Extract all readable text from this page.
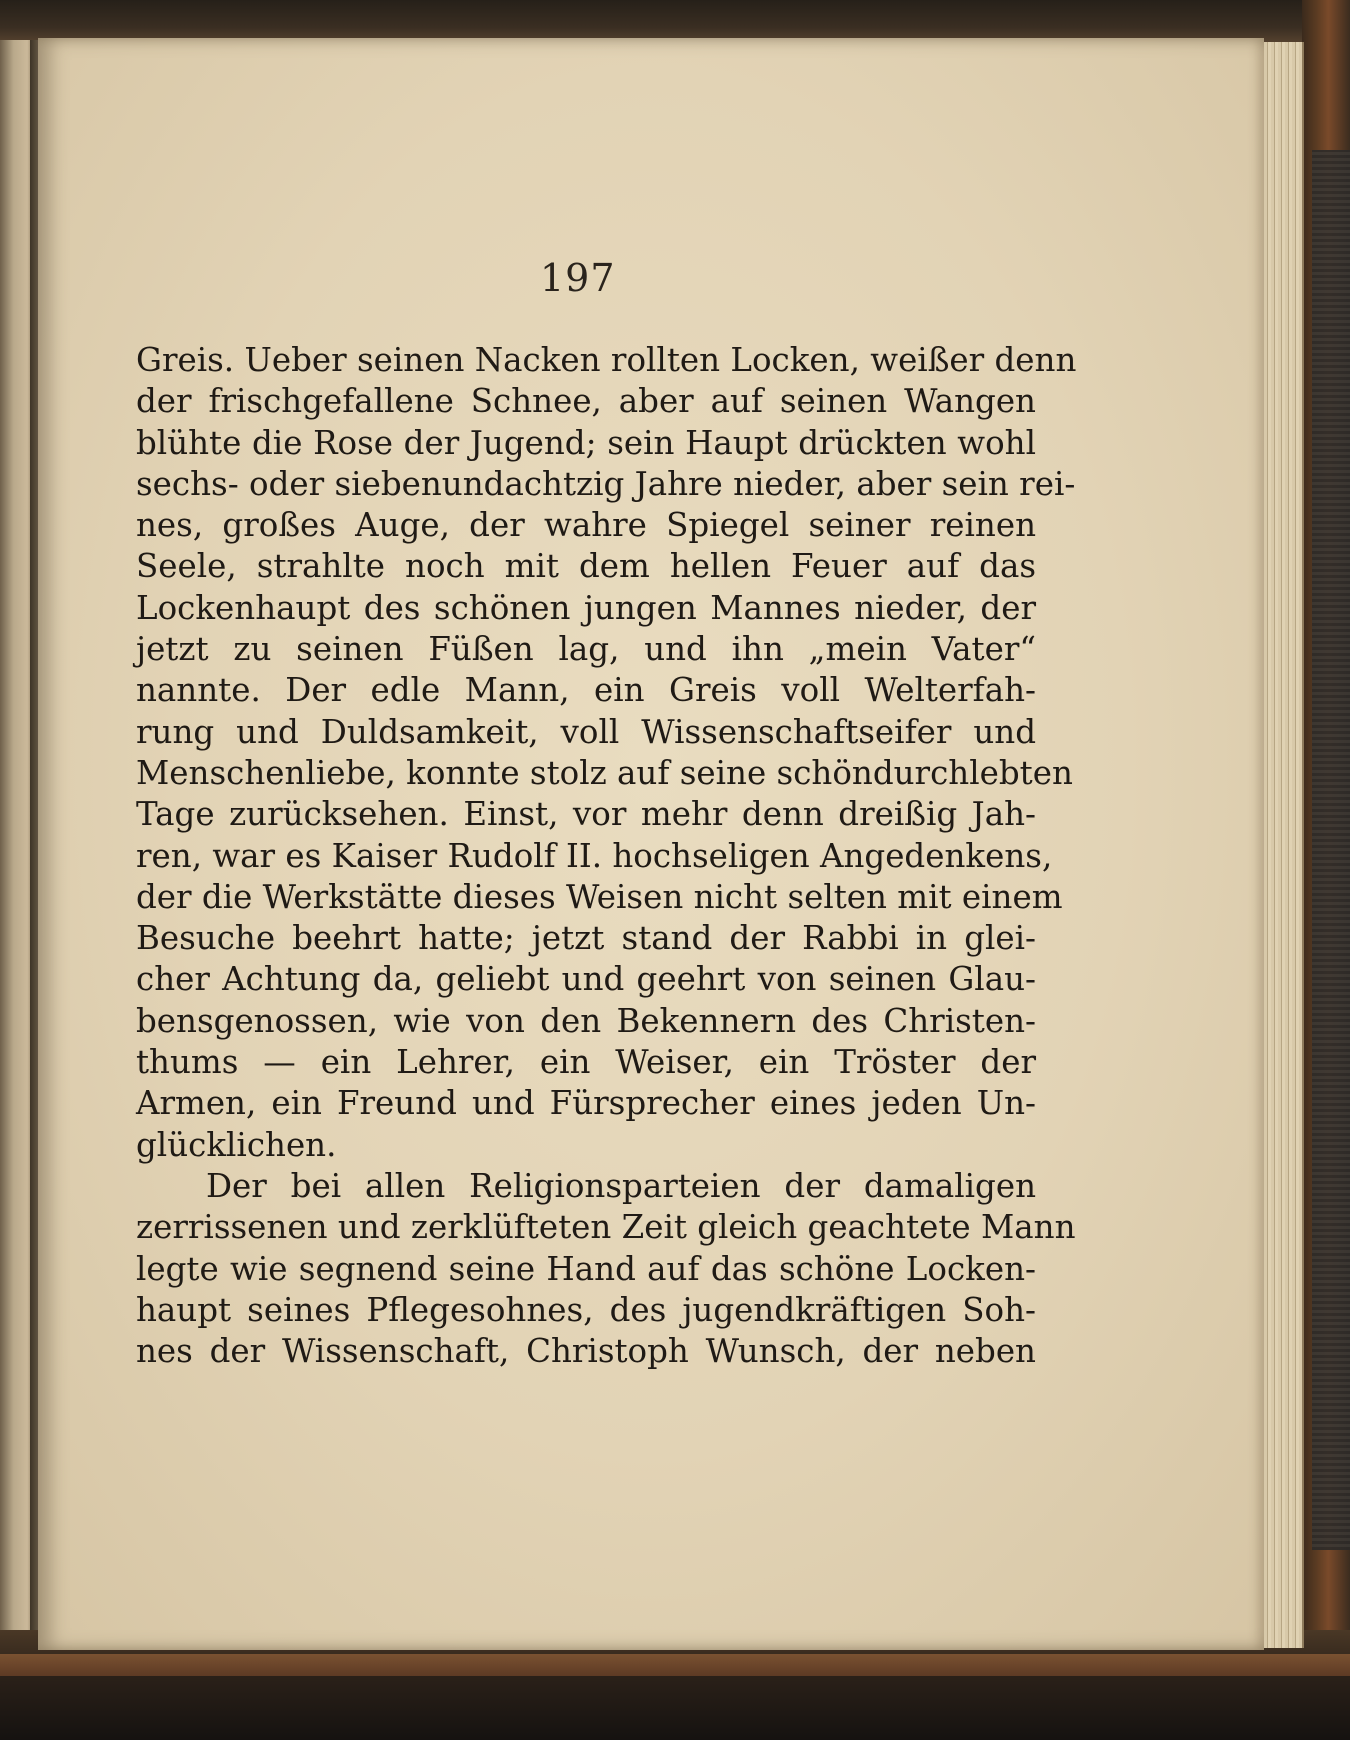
197
Greis. Ueber seinen Nacken rollten Locken, weißer denn
der frischgefallene Schnee, aber auf seinen Wangen
blühte die Rose der Jugend; sein Haupt drückten wohl
sechs- oder siebenundachtzig Jahre nieder, aber sein rei-
nes, großes Auge, der wahre Spiegel seiner reinen
Seele, strahlte noch mit dem hellen Feuer auf das
Lockenhaupt des schönen jungen Mannes nieder, der
jetzt zu seinen Füßen lag, und ihn „mein Vater“
nannte. Der edle Mann, ein Greis voll Welterfah-
rung und Duldsamkeit, voll Wissenschaftseifer und
Menschenliebe, konnte stolz auf seine schöndurchlebten
Tage zurücksehen. Einst, vor mehr denn dreißig Jah-
ren, war es Kaiser Rudolf II. hochseligen Angedenkens,
der die Werkstätte dieses Weisen nicht selten mit einem
Besuche beehrt hatte; jetzt stand der Rabbi in glei-
cher Achtung da, geliebt und geehrt von seinen Glau-
bensgenossen, wie von den Bekennern des Christen-
thums — ein Lehrer, ein Weiser, ein Tröster der
Armen, ein Freund und Fürsprecher eines jeden Un-
glücklichen.
Der bei allen Religionsparteien der damaligen
zerrissenen und zerklüfteten Zeit gleich geachtete Mann
legte wie segnend seine Hand auf das schöne Locken-
haupt seines Pflegesohnes, des jugendkräftigen Soh-
nes der Wissenschaft, Christoph Wunsch, der neben
